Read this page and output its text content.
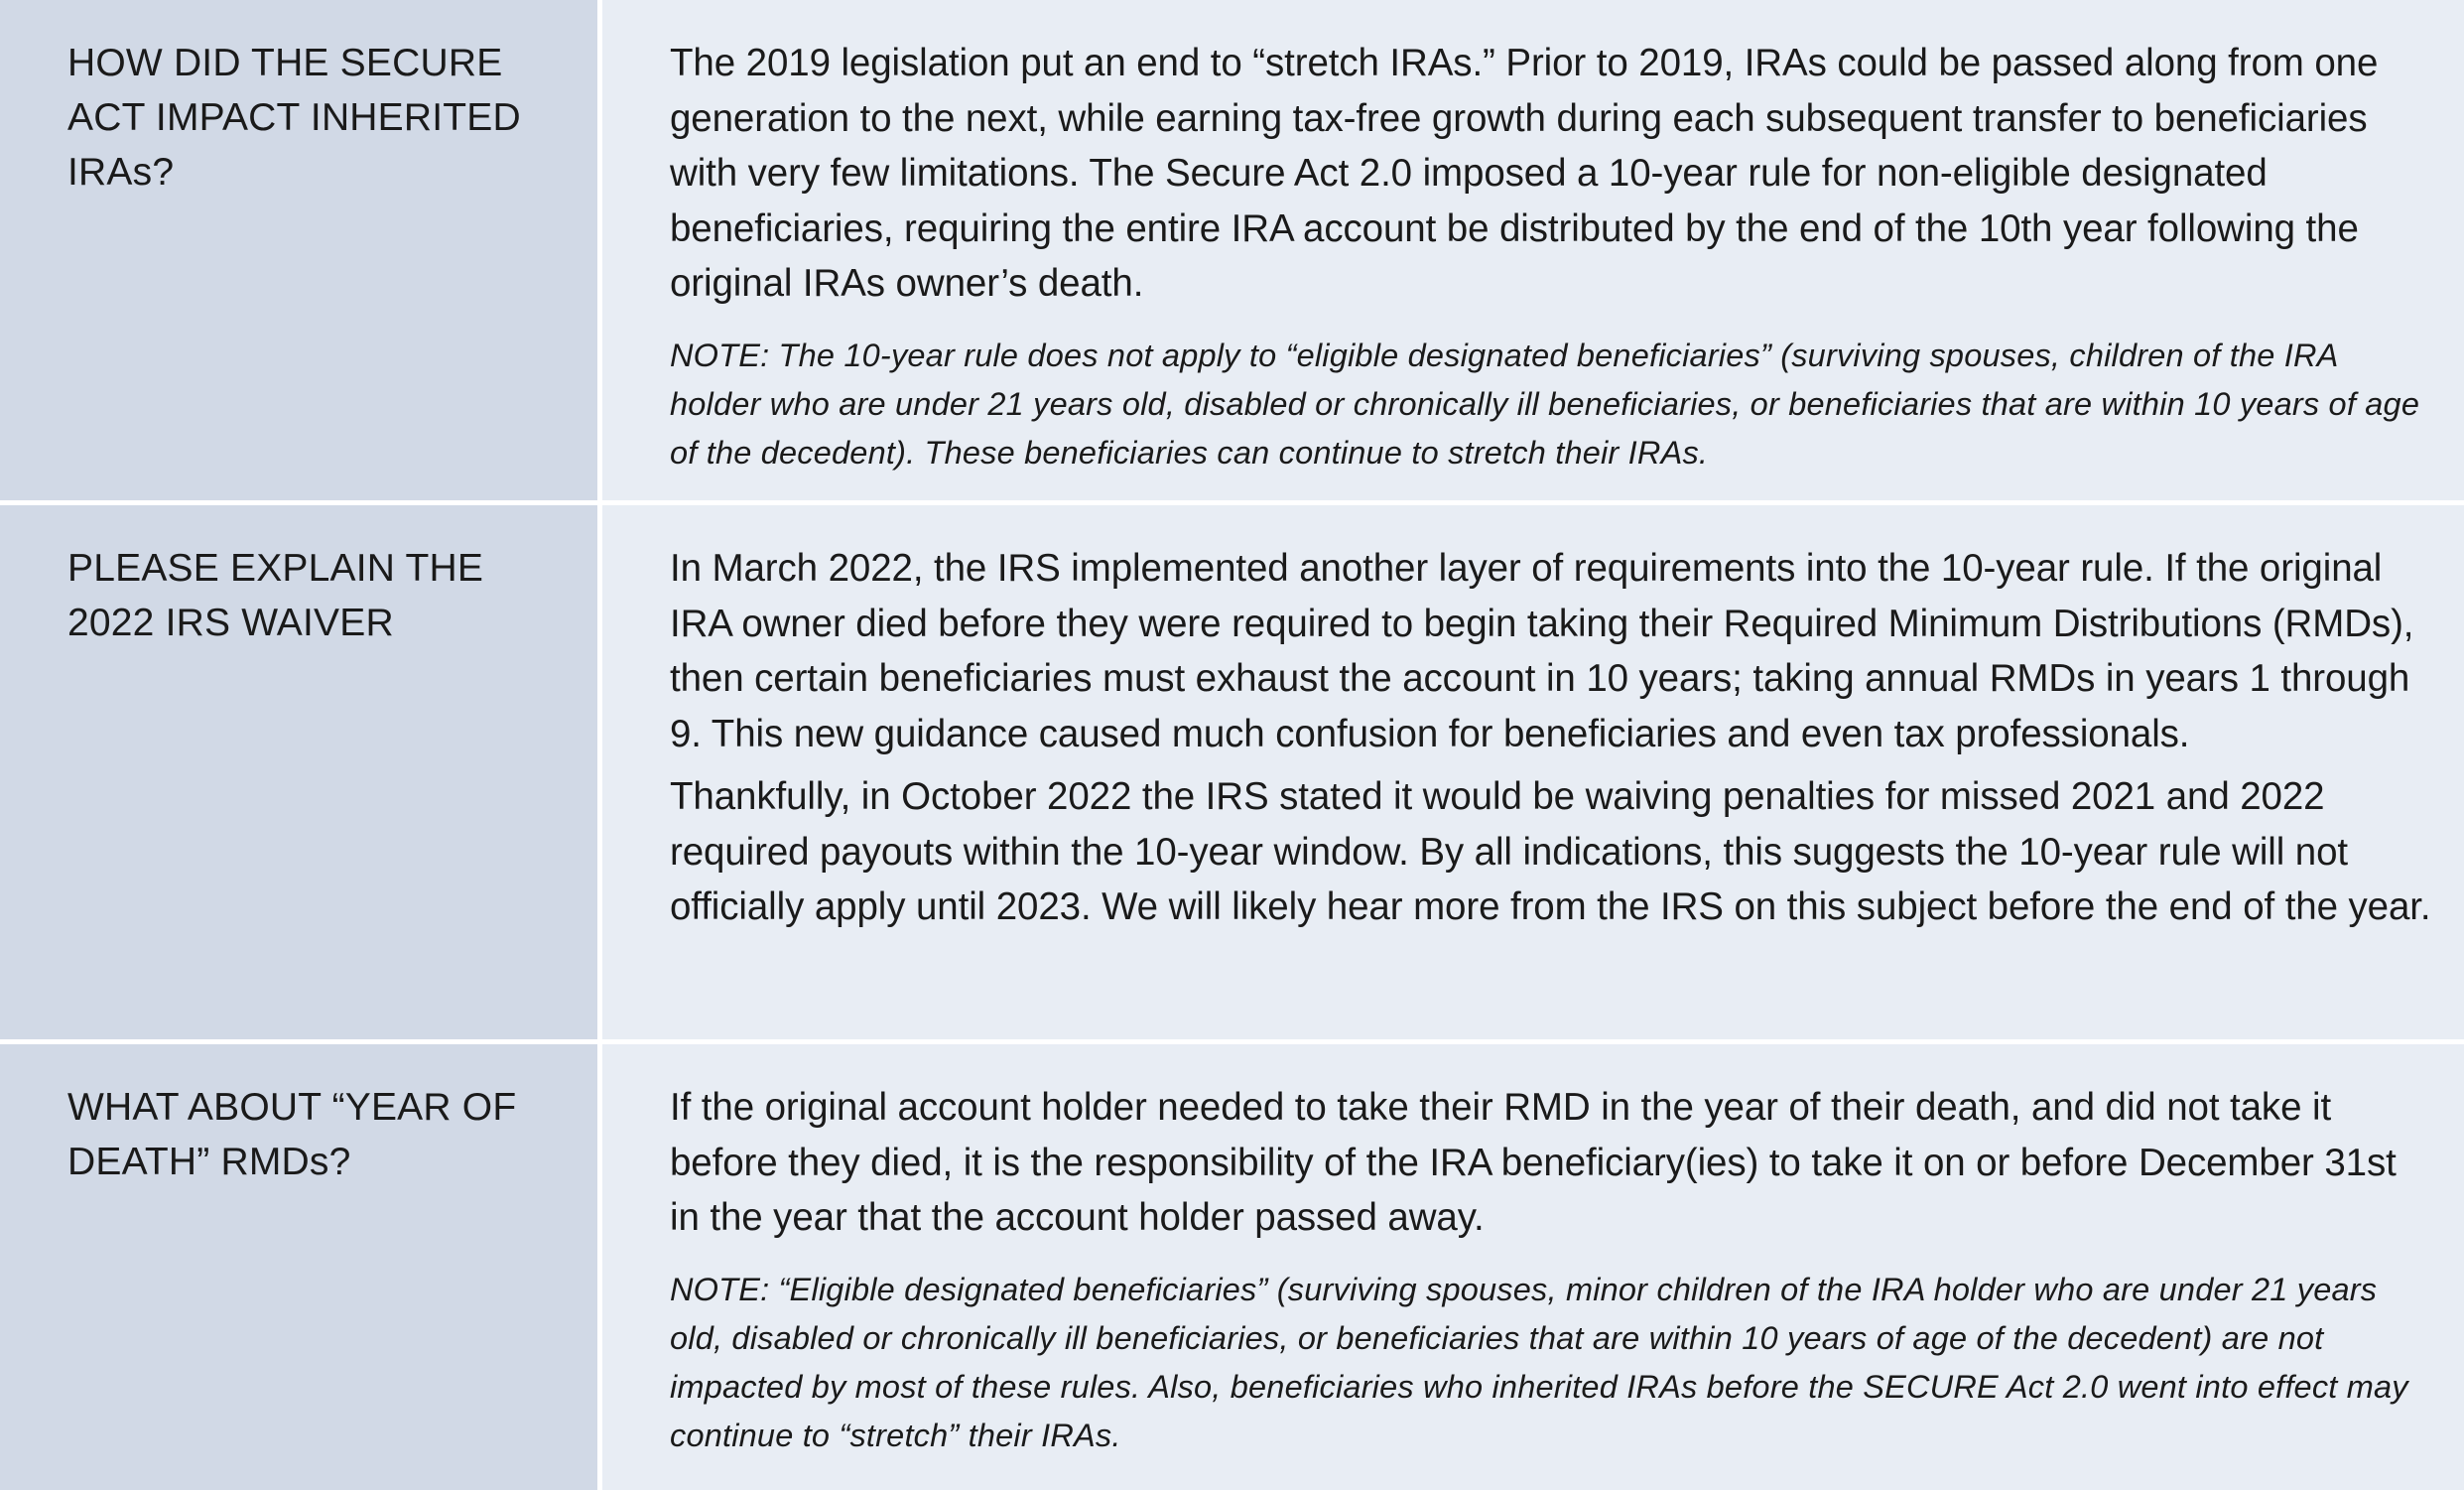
HOW DID THE SECURE ACT IMPACT INHERITED IRAs?

The 2019 legislation put an end to “stretch IRAs.” Prior to 2019, IRAs could be passed along from one generation to the next, while earning tax-free growth during each subsequent transfer to beneficiaries with very few limitations. The Secure Act 2.0 imposed a 10-year rule for non-eligible designated beneficiaries, requiring the entire IRA account be distributed by the end of the 10th year following the original IRAs owner’s death.

NOTE: The 10-year rule does not apply to “eligible designated beneficiaries” (surviving spouses, children of the IRA holder who are under 21 years old, disabled or chronically ill beneficiaries, or beneficiaries that are within 10 years of age of the decedent). These beneficiaries can continue to stretch their IRAs.

PLEASE EXPLAIN THE 2022 IRS WAIVER

In March 2022, the IRS implemented another layer of requirements into the 10-year rule. If the original IRA owner died before they were required to begin taking their Required Minimum Distributions (RMDs), then certain beneficiaries must exhaust the account in 10 years; taking annual RMDs in years 1 through 9. This new guidance caused much confusion for beneficiaries and even tax professionals.

Thankfully, in October 2022 the IRS stated it would be waiving penalties for missed 2021 and 2022 required payouts within the 10-year window. By all indications, this suggests the 10-year rule will not officially apply until 2023. We will likely hear more from the IRS on this subject before the end of the year.

WHAT ABOUT “YEAR OF DEATH” RMDs?

If the original account holder needed to take their RMD in the year of their death, and did not take it before they died, it is the responsibility of the IRA beneficiary(ies) to take it on or before December 31st in the year that the account holder passed away.

NOTE: “Eligible designated beneficiaries” (surviving spouses, minor children of the IRA holder who are under 21 years old, disabled or chronically ill beneficiaries, or beneficiaries that are within 10 years of age of the decedent) are not impacted by most of these rules. Also, beneficiaries who inherited IRAs before the SECURE Act 2.0 went into effect may continue to “stretch” their IRAs.
